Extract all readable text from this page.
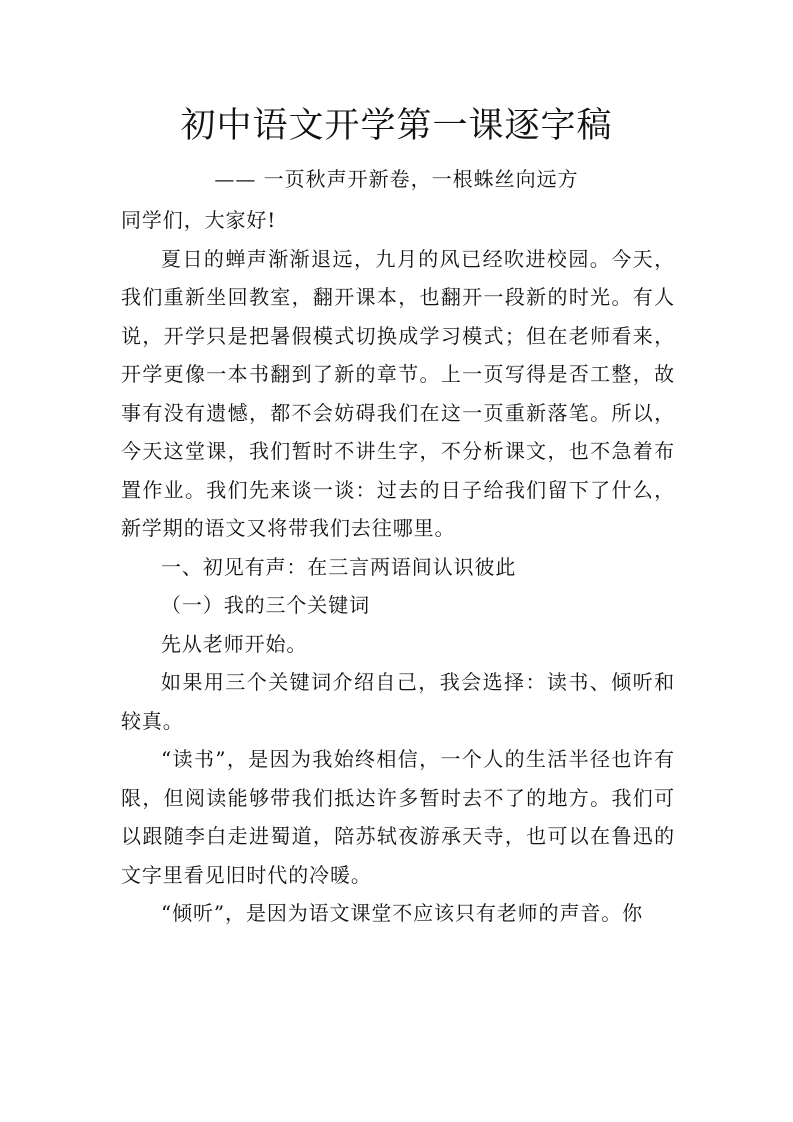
初中语文开学第一课逐字稿
—— 一页秋声开新卷，一根蛛丝向远方

同学们，大家好!

夏日的蝉声渐渐退远，九月的风已经吹进校园。今天，我们重新坐回教室，翻开课本，也翻开一段新的时光。有人说，开学只是把暑假模式切换成学习模式；但在老师看来，开学更像一本书翻到了新的章节。上一页写得是否工整，故事有没有遗憾，都不会妨碍我们在这一页重新落笔。所以，今天这堂课，我们暂时不讲生字，不分析课文，也不急着布置作业。我们先来谈一谈：过去的日子给我们留下了什么，新学期的语文又将带我们去往哪里。

一、初见有声：在三言两语间认识彼此

（一）我的三个关键词

先从老师开始。

如果用三个关键词介绍自己，我会选择：读书、倾听和较真。

“读书”，是因为我始终相信，一个人的生活半径也许有限，但阅读能够带我们抵达许多暂时去不了的地方。我们可以跟随李白走进蜀道，陪苏轼夜游承天寺，也可以在鲁迅的文字里看见旧时代的冷暖。

“倾听”，是因为语文课堂不应该只有老师的声音。你
